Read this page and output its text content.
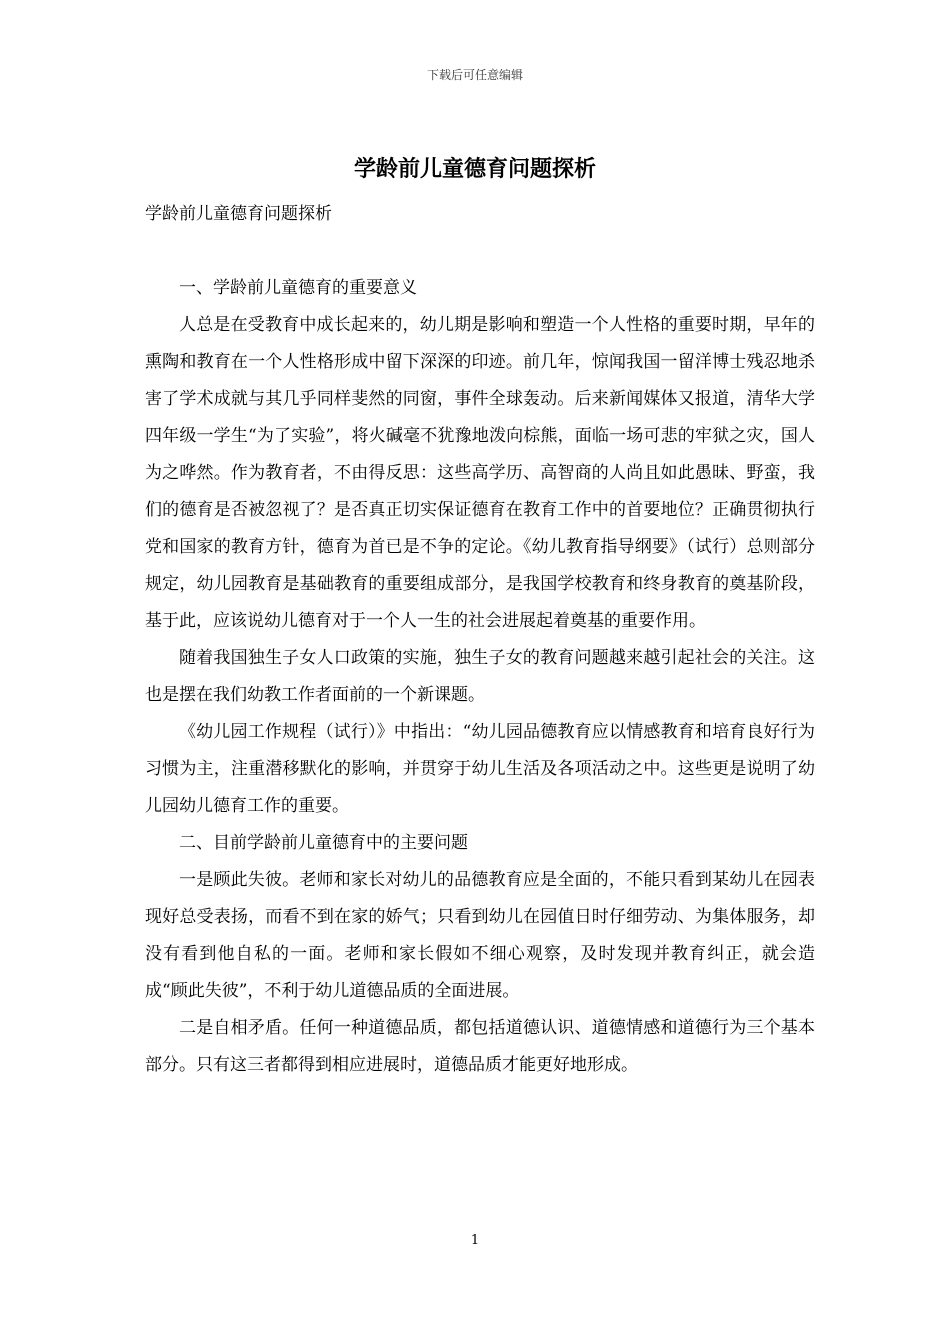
下载后可任意编辑
学龄前儿童德育问题探析

学龄前儿童德育问题探析

一、学龄前儿童德育的重要意义

人总是在受教育中成长起来的，幼儿期是影响和塑造一个人性格的重要时期，早年的熏陶和教育在一个人性格形成中留下深深的印迹。前几年，惊闻我国一留洋博士残忍地杀害了学术成就与其几乎同样斐然的同窗，事件全球轰动。后来新闻媒体又报道，清华大学四年级一学生“为了实验”，将火碱毫不犹豫地泼向棕熊，面临一场可悲的牢狱之灾，国人为之哗然。作为教育者，不由得反思：这些高学历、高智商的人尚且如此愚昧、野蛮，我们的德育是否被忽视了？是否真正切实保证德育在教育工作中的首要地位？正确贯彻执行党和国家的教育方针，德育为首已是不争的定论。《幼儿教育指导纲要》（试行）总则部分规定，幼儿园教育是基础教育的重要组成部分，是我国学校教育和终身教育的奠基阶段，基于此，应该说幼儿德育对于一个人一生的社会进展起着奠基的重要作用。

随着我国独生子女人口政策的实施，独生子女的教育问题越来越引起社会的关注。这也是摆在我们幼教工作者面前的一个新课题。

《幼儿园工作规程（试行）》中指出：“幼儿园品德教育应以情感教育和培育良好行为习惯为主，注重潜移默化的影响，并贯穿于幼儿生活及各项活动之中。这些更是说明了幼儿园幼儿德育工作的重要。

二、目前学龄前儿童德育中的主要问题

一是顾此失彼。老师和家长对幼儿的品德教育应是全面的，不能只看到某幼儿在园表现好总受表扬，而看不到在家的娇气；只看到幼儿在园值日时仔细劳动、为集体服务，却没有看到他自私的一面。老师和家长假如不细心观察，及时发现并教育纠正，就会造成“顾此失彼”，不利于幼儿道德品质的全面进展。

二是自相矛盾。任何一种道德品质，都包括道德认识、道德情感和道德行为三个基本部分。只有这三者都得到相应进展时，道德品质才能更好地形成。

1
